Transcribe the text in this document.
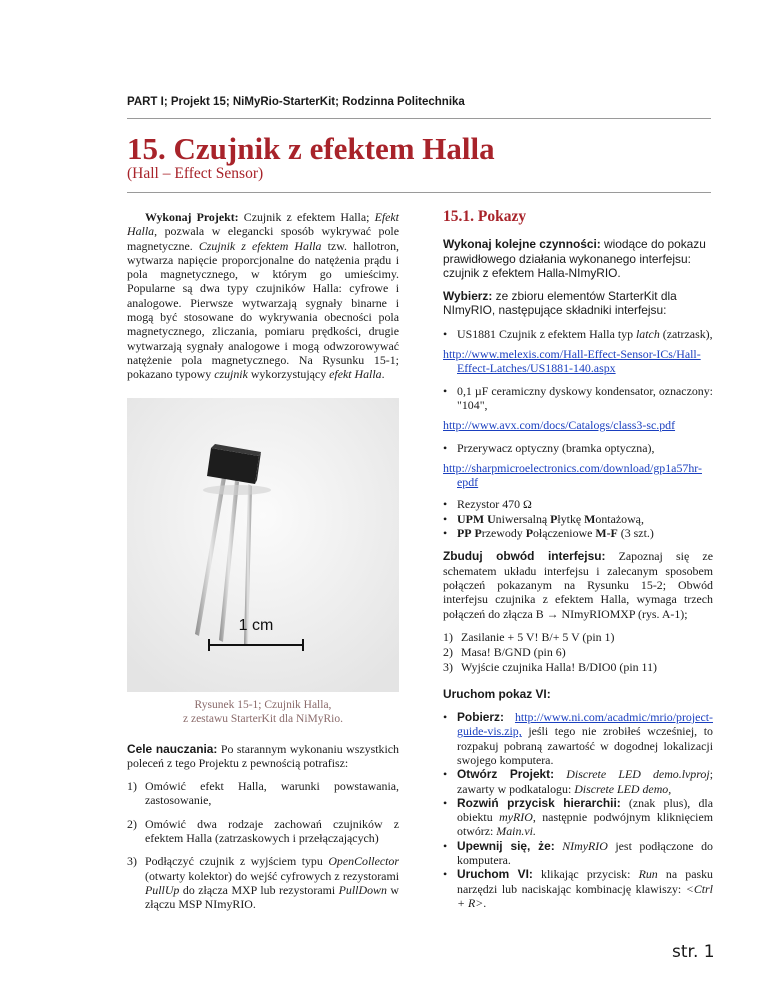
PART I; Projekt 15; NiMyRio-StarterKit; Rodzinna Politechnika
15. Czujnik z efektem Halla
(Hall – Effect Sensor)

Wykonaj Projekt: Czujnik z efektem Halla; Efekt Halla, pozwala w elegancki sposób wykrywać pole magnetyczne. Czujnik z efektem Halla tzw. hallotron, wytwarza napięcie proporcjonalne do natężenia prądu i pola magnetycznego, w którym go umieścimy. Popularne są dwa typy czujników Halla: cyfrowe i analogowe. Pierwsze wytwarzają sygnały binarne i mogą być stosowane do wykrywania obecności pola magnetycznego, zliczania, pomiaru prędkości, drugie wytwarzają sygnały analogowe i mogą odwzorowywać natężenie pola magnetycznego. Na Rysunku 15-1; pokazano typowy czujnik wykorzystujący efekt Halla.

1 cm
Rysunek 15-1; Czujnik Halla,
z zestawu StarterKit dla NiMyRio.

Cele nauczania: Po starannym wykonaniu wszystkich poleceń z tego Projektu z pewnością potrafisz:

1) Omówić efekt Halla, warunki powstawania, zastosowanie,
2) Omówić dwa rodzaje zachowań czujników z efektem Halla (zatrzaskowych i przełączających)
3) Podłączyć czujnik z wyjściem typu OpenCollector (otwarty kolektor) do wejść cyfrowych z rezystorami PullUp do złącza MXP lub rezystorami PullDown w złączu MSP NImyRIO.
15.1. Pokazy

Wykonaj kolejne czynności: wiodące do pokazu prawidłowego działania wykonanego interfejsu: czujnik z efektem Halla-NImyRIO.

Wybierz: ze zbioru elementów StarterKit dla NImyRIO, następujące składniki interfejsu:

• US1881 Czujnik z efektem Halla typ latch (zatrzask),
http://www.melexis.com/Hall-Effect-Sensor-ICs/Hall-Effect-Latches/US1881-140.aspx
• 0,1 µF ceramiczny dyskowy kondensator, oznaczony: "104",
http://www.avx.com/docs/Catalogs/class3-sc.pdf
• Przerywacz optyczny (bramka optyczna),
http://sharpmicroelectronics.com/download/gp1a57hr-epdf
• Rezystor 470 Ω
• UPM Uniwersalną Płytkę Montażową,
• PP Przewody Połączeniowe M-F (3 szt.)

Zbuduj obwód interfejsu: Zapoznaj się ze schematem układu interfejsu i zalecanym sposobem połączeń pokazanym na Rysunku 15-2; Obwód interfejsu czujnika z efektem Halla, wymaga trzech połączeń do złącza B → NImyRIOMXP (rys. A-1);

1) Zasilanie + 5 V! B/+ 5 V (pin 1)
2) Masa! B/GND (pin 6)
3) Wyjście czujnika Halla! B/DIO0 (pin 11)

Uruchom pokaz VI:

• Pobierz: http://www.ni.com/acadmic/mrio/project-guide-vis.zip, jeśli tego nie zrobiłeś wcześniej, to rozpakuj pobraną zawartość w dogodnej lokalizacji swojego komputera.
• Otwórz Projekt: Discrete LED demo.lvproj; zawarty w podkatalogu: Discrete LED demo,
• Rozwiń przycisk hierarchii: (znak plus), dla obiektu myRIO, następnie podwójnym kliknięciem otwórz: Main.vi.
• Upewnij się, że: NImyRIO jest podłączone do komputera.
• Uruchom VI: klikając przycisk: Run na pasku narzędzi lub naciskając kombinację klawiszy: <Ctrl + R>.
str. 1
